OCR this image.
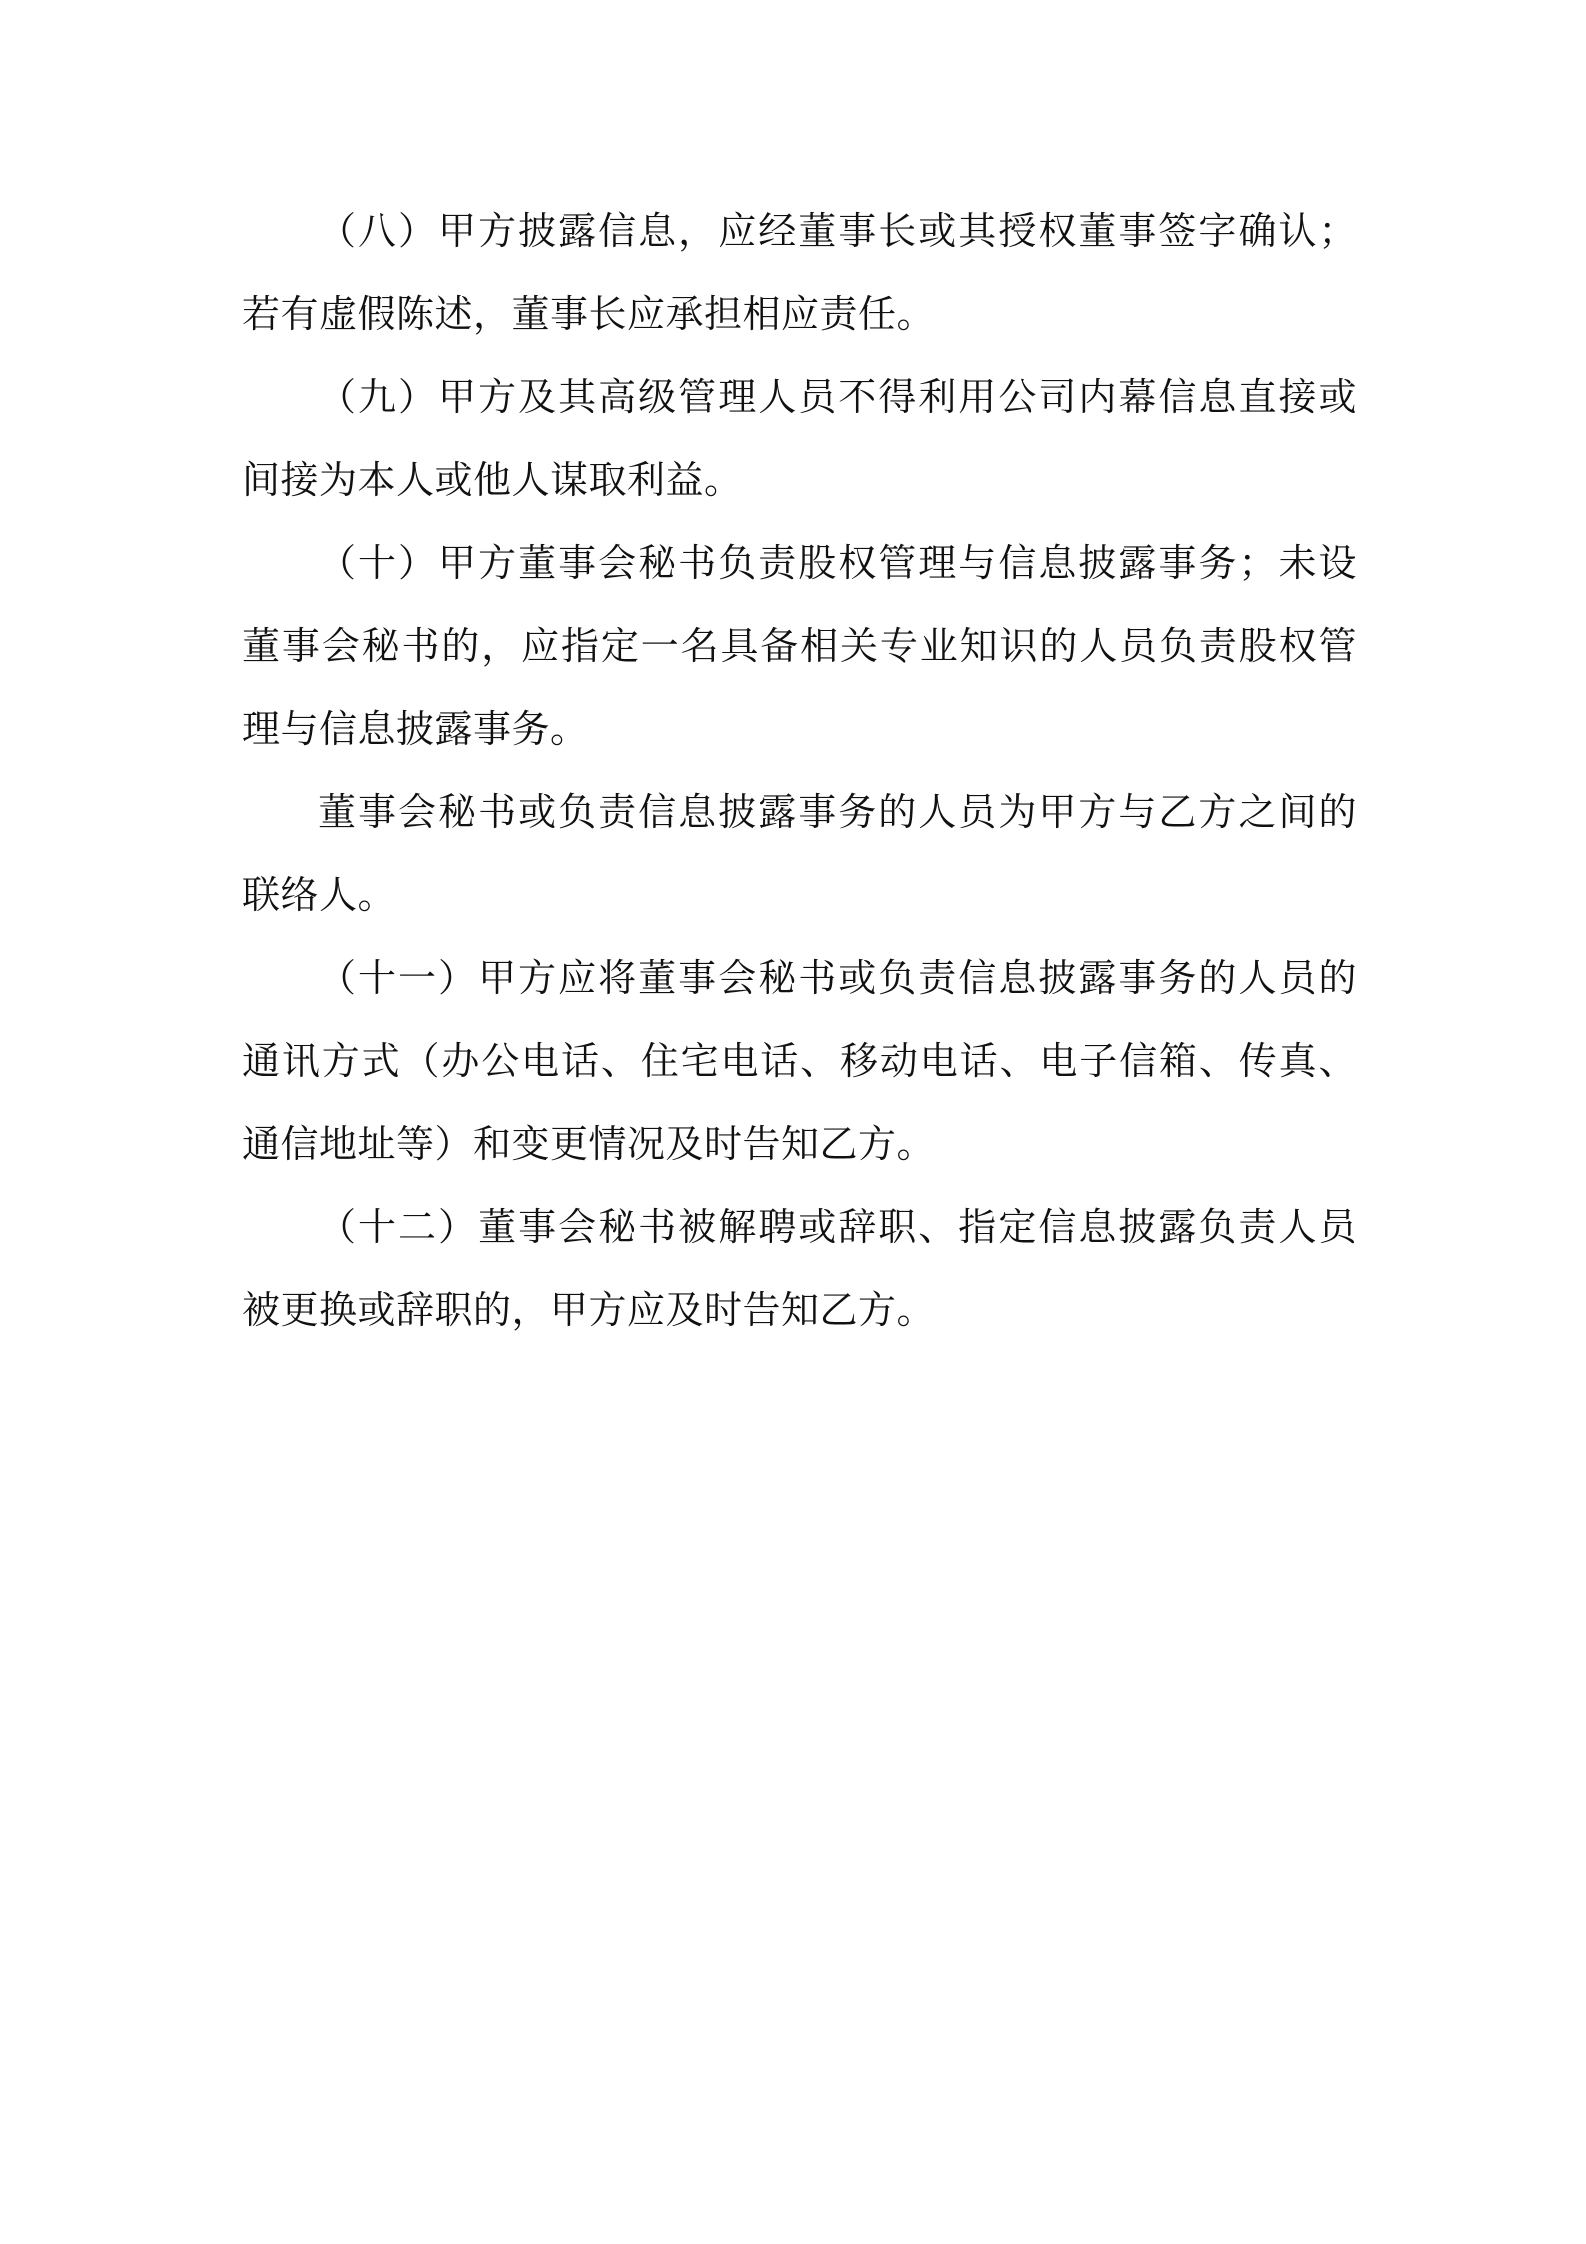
（八）甲方披露信息，应经董事长或其授权董事签字确认；若有虚假陈述，董事长应承担相应责任。

（九）甲方及其高级管理人员不得利用公司内幕信息直接或间接为本人或他人谋取利益。

（十）甲方董事会秘书负责股权管理与信息披露事务；未设董事会秘书的，应指定一名具备相关专业知识的人员负责股权管理与信息披露事务。

董事会秘书或负责信息披露事务的人员为甲方与乙方之间的联络人。

（十一）甲方应将董事会秘书或负责信息披露事务的人员的通讯方式（办公电话、住宅电话、移动电话、电子信箱、传真、通信地址等）和变更情况及时告知乙方。

（十二）董事会秘书被解聘或辞职、指定信息披露负责人员被更换或辞职的，甲方应及时告知乙方。
